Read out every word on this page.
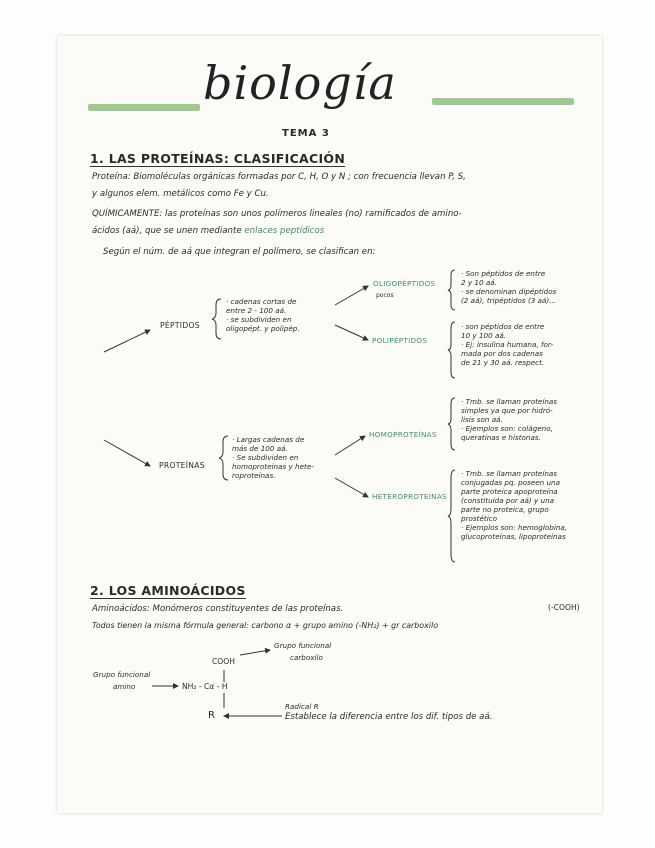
biología
TEMA 3
1. LAS PROTEÍNAS: CLASIFICACIÓN
Proteína: Biomoléculas orgánicas formadas por C, H, O y N ; con frecuencia llevan P, S,
y algunos elem. metálicos como Fe y Cu.
QUÍMICAMENTE: las proteínas son unos polímeros lineales (no) ramificados de amino-
ácidos (aá), que se unen mediante enlaces peptídicos
Según el núm. de aá que integran el polímero, se clasifican en:
PÉPTIDOS
· cadenas cortas de
entre 2 - 100 aá.
· se subdividen en
oligopépt. y polipép.
OLIGOPÉPTIDOS
pocos
· Son péptidos de entre
2 y 10 aá.
· se denominan dipéptidos
(2 aá), tripéptidos (3 aá)...
POLIPÉPTIDOS
· son péptidos de entre
10 y 100 aá.
· Ej: insulina humana, for-
mada por dos cadenas
de 21 y 30 aá. respect.
PROTEÍNAS
· Largas cadenas de
más de 100 aá.
· Se subdividen en
homoproteínas y hete-
roproteínas.
HOMOPROTEÍNAS
· Tmb. se llaman proteínas
simples ya que por hidró-
lisis son aá.
· Ejemplos son: colágeno,
queratinas e histonas.
HETEROPROTEÍNAS
· Tmb. se llaman proteínas
conjugadas pq. poseen una
parte proteica apoproteína
(constituida por aá) y una
parte no proteica, grupo
prostético
· Ejemplos son: hemoglobina,
glucoproteínas, lipoproteínas
2. LOS AMINOÁCIDOS
Aminoácidos: Monómeros constituyentes de las proteínas.	(-COOH)
Todos tienen la misma fórmula general: carbono α + grupo amino (-NH₂) + gr carboxilo
COOH
NH₂ - Cα - H
R
Grupo funcional
carboxilo
Grupo funcional
amino
Radical R
Establece la diferencia entre los dif. tipos de aá.
